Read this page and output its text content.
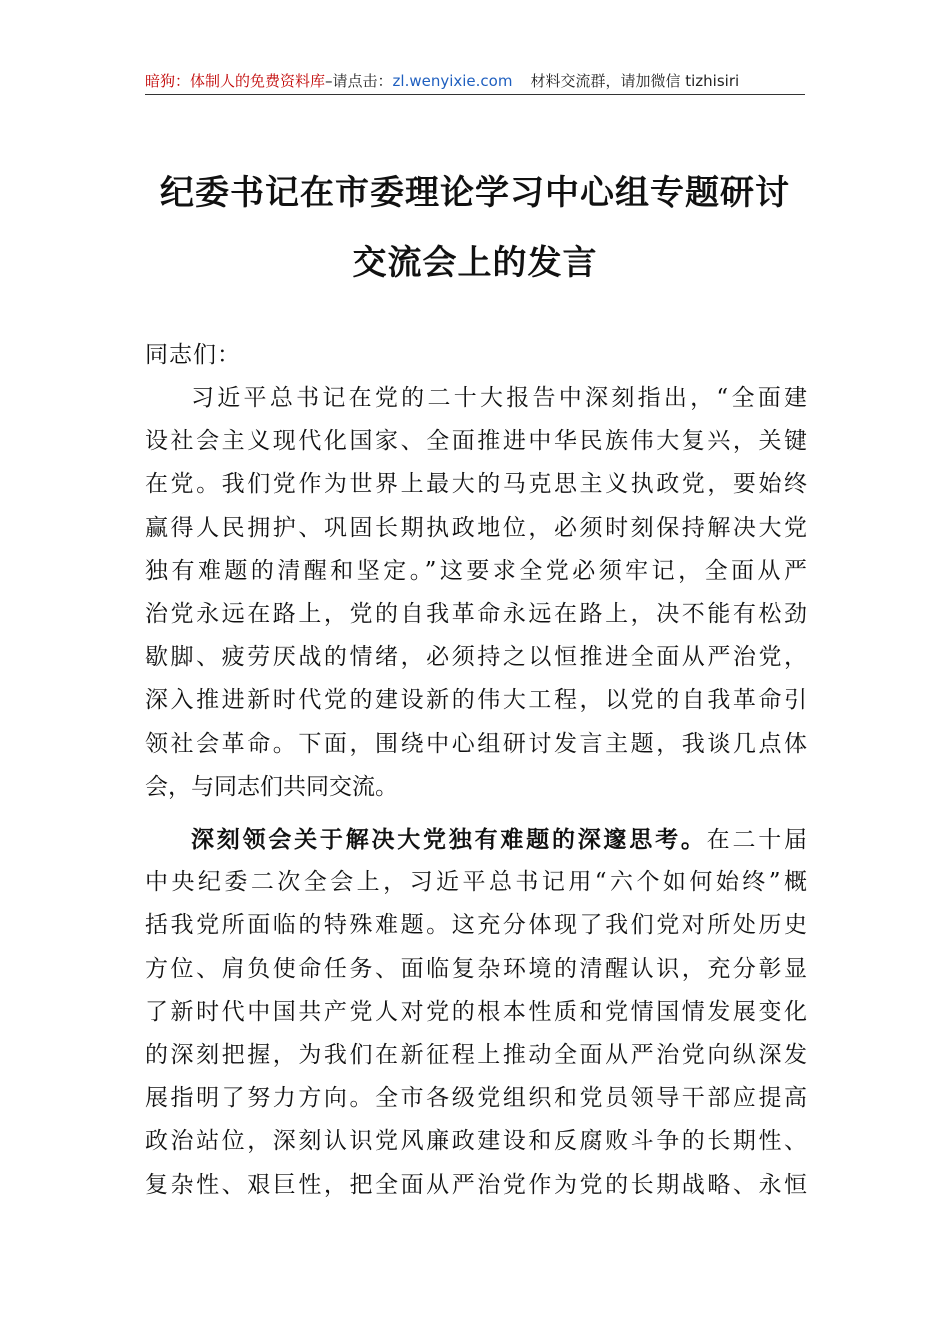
暗狗：体制人的免费资料库–请点击：zl.wenyixie.com 材料交流群，请加微信 tizhisiri
纪委书记在市委理论学习中心组专题研讨
交流会上的发言
同志们：
习近平总书记在党的二十大报告中深刻指出，“全面建
设社会主义现代化国家、全面推进中华民族伟大复兴，关键
在党。我们党作为世界上最大的马克思主义执政党，要始终
赢得人民拥护、巩固长期执政地位，必须时刻保持解决大党
独有难题的清醒和坚定。”这要求全党必须牢记，全面从严
治党永远在路上，党的自我革命永远在路上，决不能有松劲
歇脚、疲劳厌战的情绪，必须持之以恒推进全面从严治党，
深入推进新时代党的建设新的伟大工程，以党的自我革命引
领社会革命。下面，围绕中心组研讨发言主题，我谈几点体
会，与同志们共同交流。
深刻领会关于解决大党独有难题的深邃思考。在二十届
中央纪委二次全会上，习近平总书记用“六个如何始终”概
括我党所面临的特殊难题。这充分体现了我们党对所处历史
方位、肩负使命任务、面临复杂环境的清醒认识，充分彰显
了新时代中国共产党人对党的根本性质和党情国情发展变化
的深刻把握，为我们在新征程上推动全面从严治党向纵深发
展指明了努力方向。全市各级党组织和党员领导干部应提高
政治站位，深刻认识党风廉政建设和反腐败斗争的长期性、
复杂性、艰巨性，把全面从严治党作为党的长期战略、永恒
